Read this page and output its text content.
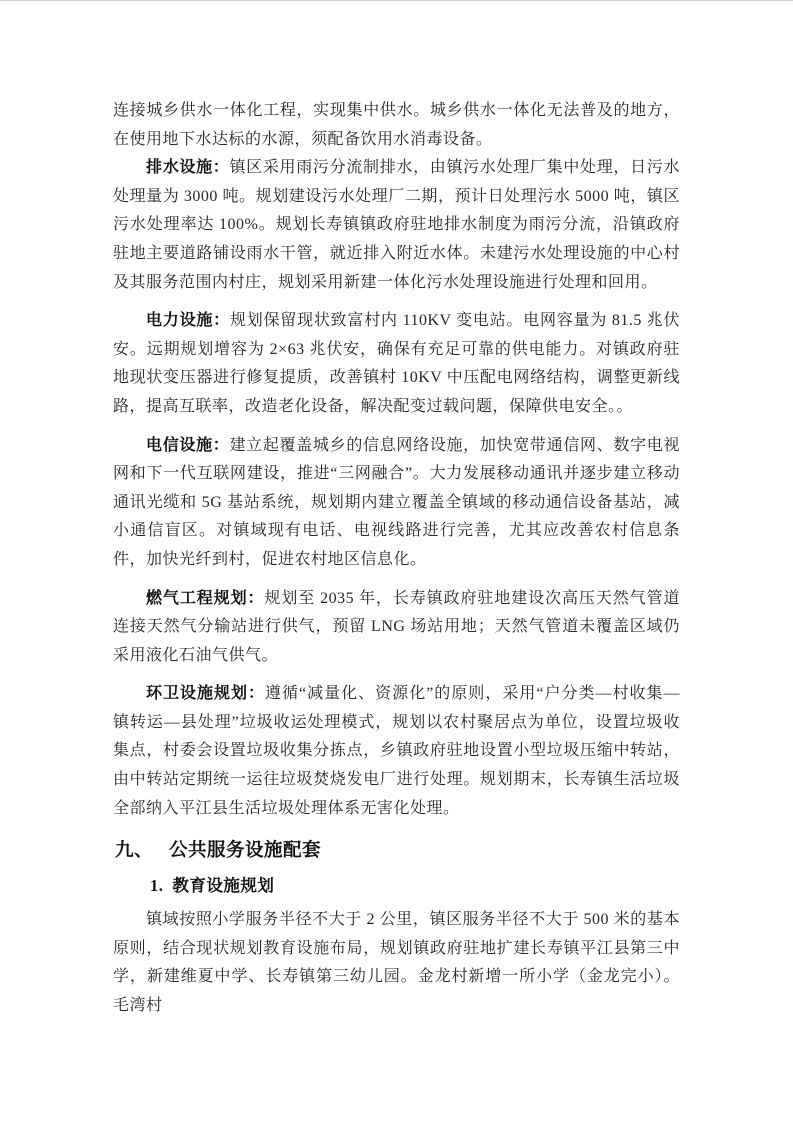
连接城乡供水一体化工程，实现集中供水。城乡供水一体化无法普及的地方，在使用地下水达标的水源，须配备饮用水消毒设备。

排水设施：镇区采用雨污分流制排水，由镇污水处理厂集中处理，日污水处理量为 3000 吨。规划建设污水处理厂二期，预计日处理污水 5000 吨，镇区污水处理率达 100%。规划长寿镇镇政府驻地排水制度为雨污分流，沿镇政府驻地主要道路铺设雨水干管，就近排入附近水体。未建污水处理设施的中心村及其服务范围内村庄，规划采用新建一体化污水处理设施进行处理和回用。

电力设施：规划保留现状致富村内 110KV 变电站。电网容量为 81.5 兆伏安。远期规划增容为 2×63 兆伏安，确保有充足可靠的供电能力。对镇政府驻地现状变压器进行修复提质，改善镇村 10KV 中压配电网络结构，调整更新线路，提高互联率，改造老化设备，解决配变过载问题，保障供电安全。。

电信设施：建立起覆盖城乡的信息网络设施，加快宽带通信网、数字电视网和下一代互联网建设，推进“三网融合”。大力发展移动通讯并逐步建立移动通讯光缆和 5G 基站系统，规划期内建立覆盖全镇域的移动通信设备基站，减小通信盲区。对镇域现有电话、电视线路进行完善，尤其应改善农村信息条件，加快光纤到村，促进农村地区信息化。

燃气工程规划：规划至 2035 年，长寿镇政府驻地建设次高压天然气管道连接天然气分输站进行供气，预留 LNG 场站用地；天然气管道未覆盖区域仍采用液化石油气供气。

环卫设施规划：遵循“减量化、资源化”的原则，采用“户分类—村收集—镇转运—县处理”垃圾收运处理模式，规划以农村聚居点为单位，设置垃圾收集点，村委会设置垃圾收集分拣点，乡镇政府驻地设置小型垃圾压缩中转站，由中转站定期统一运往垃圾焚烧发电厂进行处理。规划期末，长寿镇生活垃圾全部纳入平江县生活垃圾处理体系无害化处理。

九、 公共服务设施配套
1. 教育设施规划

镇域按照小学服务半径不大于 2 公里，镇区服务半径不大于 500 米的基本原则，结合现状规划教育设施布局，规划镇政府驻地扩建长寿镇平江县第三中学，新建维夏中学、长寿镇第三幼儿园。金龙村新增一所小学（金龙完小）。毛湾村
